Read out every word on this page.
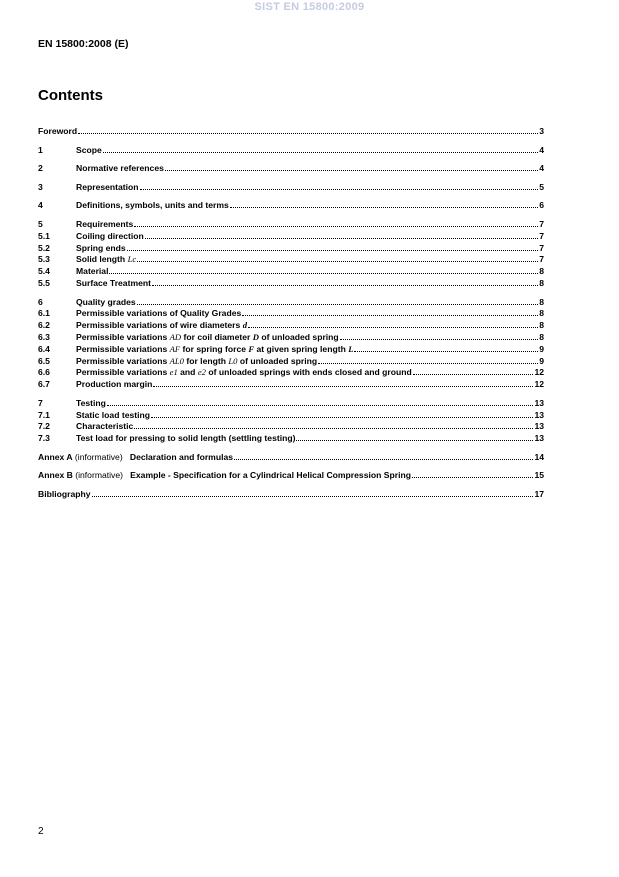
SIST EN 15800:2009
EN 15800:2008 (E)
Contents
Foreword	3
1	Scope	4
2	Normative references	4
3	Representation	5
4	Definitions, symbols, units and terms	6
5	Requirements	7
5.1	Coiling direction	7
5.2	Spring ends	7
5.3	Solid length Lc	7
5.4	Material	8
5.5	Surface Treatment	8
6	Quality grades	8
6.1	Permissible variations of Quality Grades	8
6.2	Permissible variations of wire diameters d	8
6.3	Permissible variations AD for coil diameter D of unloaded spring	8
6.4	Permissible variations AF for spring force F at given spring length L	9
6.5	Permissible variations AL0 for length L0 of unloaded spring	9
6.6	Permissible variations e1 and e2 of unloaded springs with ends closed and ground	12
6.7	Production margin	12
7	Testing	13
7.1	Static load testing	13
7.2	Characteristic	13
7.3	Test load for pressing to solid length (settling testing)	13
Annex A (informative) Declaration and formulas	14
Annex B (informative) Example - Specification for a Cylindrical Helical Compression Spring	15
Bibliography	17
2
